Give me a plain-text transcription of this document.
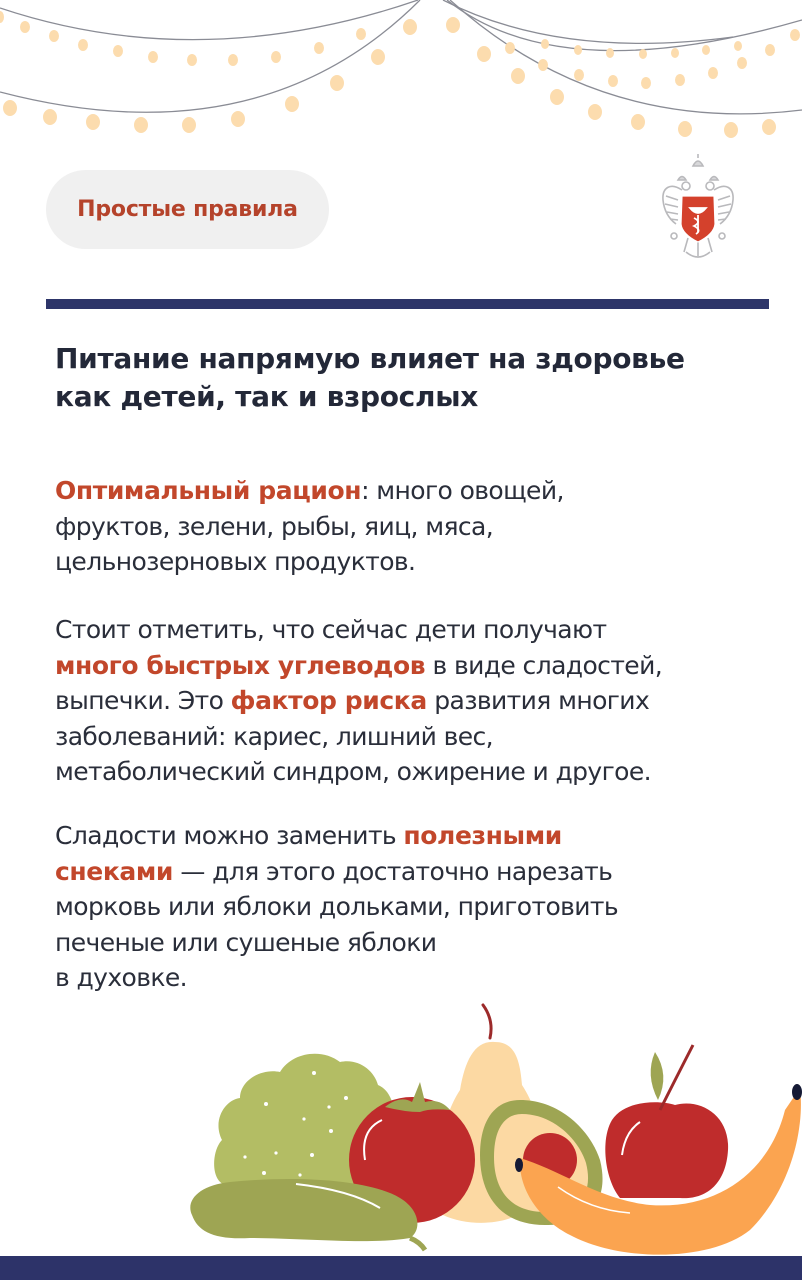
Простые правила
Питание напрямую влияет на здоровье
как детей, так и взрослых
Оптимальный рацион: много овощей,
фруктов, зелени, рыбы, яиц, мяса,
цельнозерновых продуктов.
Стоит отметить, что сейчас дети получают
много быстрых углеводов в виде сладостей,
выпечки. Это фактор риска развития многих
заболеваний: кариес, лишний вес,
метаболический синдром, ожирение и другое.
Сладости можно заменить полезными
снеками — для этого достаточно нарезать
морковь или яблоки дольками, приготовить
печеные или сушеные яблоки
в духовке.
